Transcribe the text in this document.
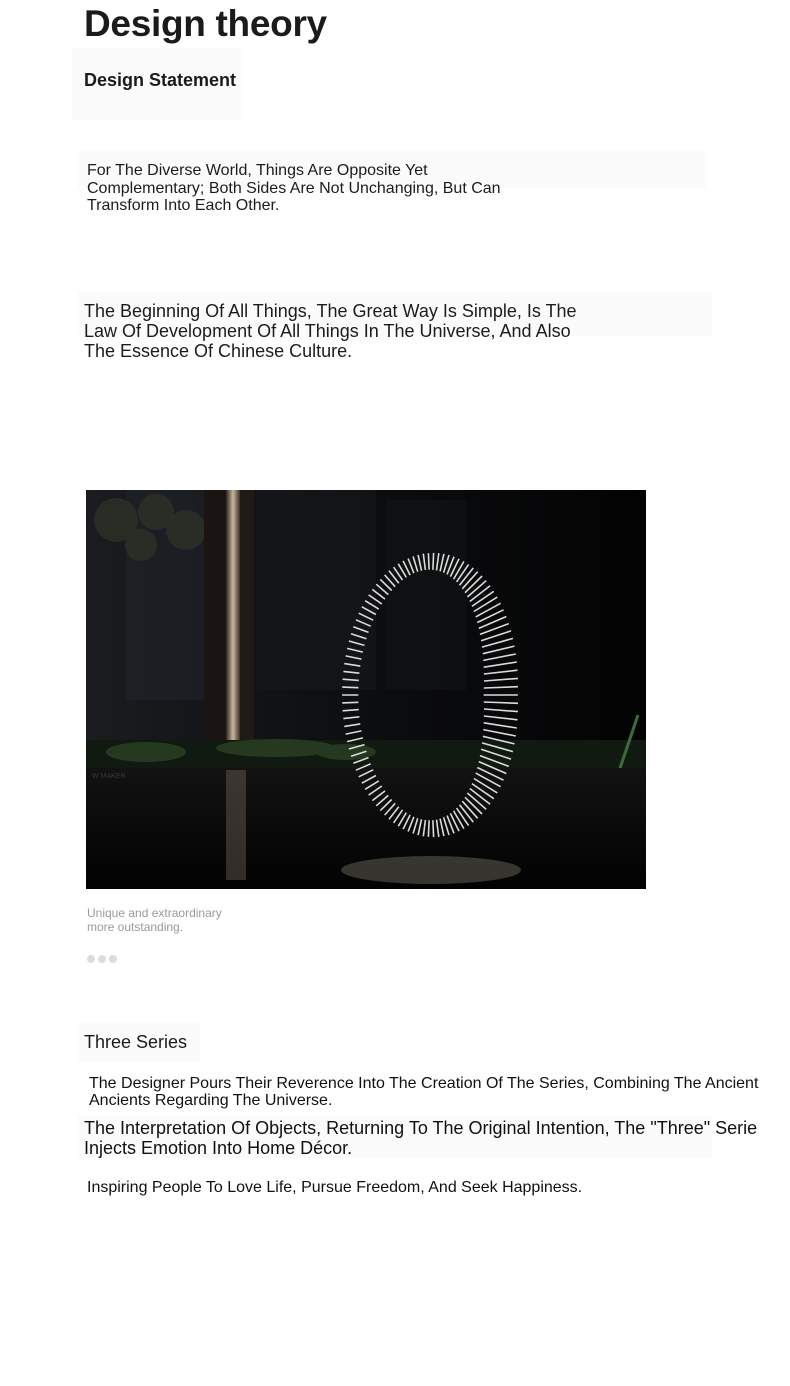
Design theory
Design Statement

For The Diverse World, Things Are Opposite Yet Complementary; Both Sides Are Not Unchanging, But Can Transform Into Each Other.

The Beginning Of All Things, The Great Way Is Simple, Is The Law Of Development Of All Things In The Universe, And Also The Essence Of Chinese Culture.

W MAKER

Unique and extraordinary
more outstanding.

Three Series

The Designer Pours Their Reverence Into The Creation Of The Series, Combining The Ancient
Ancients Regarding The Universe.

The Interpretation Of Objects, Returning To The Original Intention, The "Three" Serie
Injects Emotion Into Home Décor.

Inspiring People To Love Life, Pursue Freedom, And Seek Happiness.
